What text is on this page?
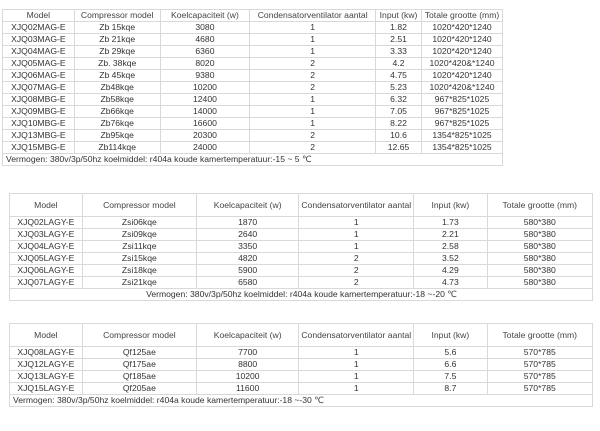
Model	Compressor model	Koelcapaciteit (w)	Condensatorventilator aantal	Input (kw)	Totale grootte (mm)
XJQ02MAG-E	Zb 15kqe	3080	1	1.82	1020*420*1240
XJQ03MAG-E	Zb 21kqe	4680	1	2.51	1020*420*1240
XJQ04MAG-E	Zb 29kqe	6360	1	3.33	1020*420*1240
XJQ05MAG-E	Zb. 38kqe	8020	2	4.2	1020*420&*1240
XJQ06MAG-E	Zb 45kqe	9380	2	4.75	1020*420*1240
XJQ07MAG-E	Zb48kqe	10200	2	5.23	1020*420&*1240
XJQ08MBG-E	Zb58kqe	12400	1	6.32	967*825*1025
XJQ09MBG-E	Zb66kqe	14000	1	7.05	967*825*1025
XJQ10MBG-E	Zb76kqe	16600	1	8.22	967*825*1025
XJQ13MBG-E	Zb95kqe	20300	2	10.6	1354*825*1025
XJQ15MBG-E	Zb114kqe	24000	2	12.65	1354*825*1025
Vermogen: 380v/3p/50hz koelmiddel: r404a koude kamertemperatuur:-15 ~ 5 ℃					
Model	Compressor model	Koelcapaciteit (w)	Condensatorventilator aantal	Input (kw)	Totale grootte (mm)
XJQ02LAGY-E	Zsi06kqe	1870	1	1.73	580*380
XJQ03LAGY-E	Zsi09kqe	2640	1	2.21	580*380
XJQ04LAGY-E	Zsi11kqe	3350	1	2.58	580*380
XJQ05LAGY-E	Zsi15kqe	4820	2	3.52	580*380
XJQ06LAGY-E	Zsi18kqe	5900	2	4.29	580*380
XJQ07LAGY-E	Zsi21kqe	6580	2	4.73	580*380
Vermogen: 380v/3p/50hz koelmiddel: r404a koude kamertemperatuur:-18 ~-20 ℃					
Model	Compressor model	Koelcapaciteit (w)	Condensatorventilator aantal	Input (kw)	Totale grootte (mm)
XJQ08LAGY-E	Qf125ae	7700	1	5.6	570*785
XJQ12LAGY-E	Qf175ae	8800	1	6.6	570*785
XJQ13LAGY-E	Qf185ae	10200	1	7.5	570*785
XJQ15LAGY-E	Qf205ae	11600	1	8.7	570*785
Vermogen: 380v/3p/50hz koelmiddel: r404a koude kamertemperatuur:-18 ~-30 ℃					
